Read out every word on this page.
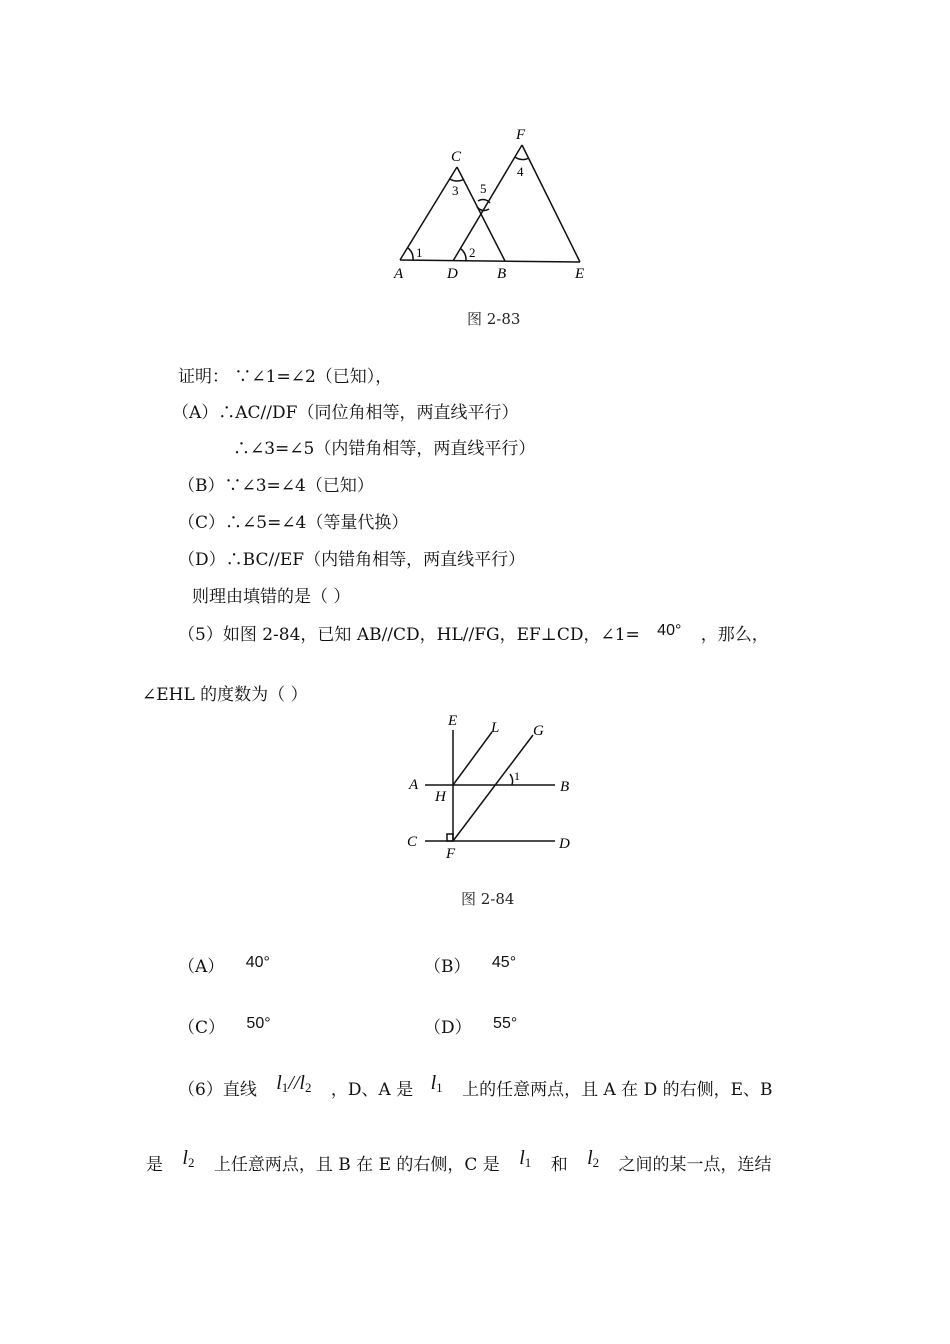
A	D	B	E
C
F
1	2
3
4
5
图 2-83
证明： ∵∠1=∠2（已知），
（A）∴AC//DF（同位角相等，两直线平行）
∴∠3=∠5（内错角相等，两直线平行）
（B）∵∠3=∠4（已知）
（C）∴∠5=∠4（等量代换）
（D）∴BC//EF（内错角相等，两直线平行）
则理由填错的是（ ）
（5）如图 2-84，已知 AB//CD，HL//FG，EF⊥CD，∠1= 40° ，那么，
∠EHL 的度数为（ ）
E L G
A
H
B
1
C
F
D
图 2-84
（A） 40°	（B） 45°
（C） 50°	（D） 55°
（6）直线 $l_1//l_2$ ，D、A 是 $l_1$ 上的任意两点，且 A 在 D 的右侧，E、B
是 $l_2$ 上任意两点，且 B 在 E 的右侧，C 是 $l_1$ 和 $l_2$ 之间的某一点，连结
